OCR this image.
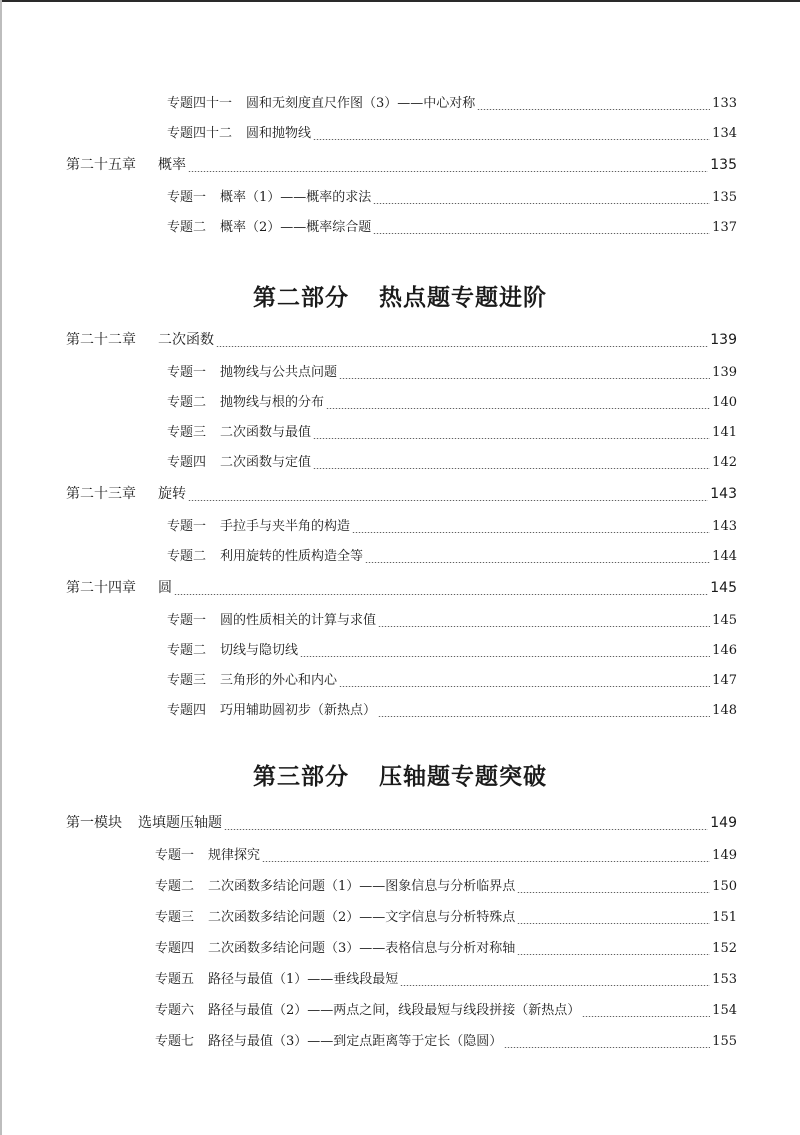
专题四十一 圆和无刻度直尺作图（3）——中心对称	133
专题四十二 圆和抛物线	134
第二十五章 概率	135
专题一 概率（1）——概率的求法	135
专题二 概率（2）——概率综合题	137
第二部分 热点题专题进阶
第二十二章 二次函数	139
专题一 抛物线与公共点问题	139
专题二 抛物线与根的分布	140
专题三 二次函数与最值	141
专题四 二次函数与定值	142
第二十三章 旋转	143
专题一 手拉手与夹半角的构造	143
专题二 利用旋转的性质构造全等	144
第二十四章 圆	145
专题一 圆的性质相关的计算与求值	145
专题二 切线与隐切线	146
专题三 三角形的外心和内心	147
专题四 巧用辅助圆初步（新热点）	148
第三部分 压轴题专题突破
第一模块 选填题压轴题	149
专题一 规律探究	149
专题二 二次函数多结论问题（1）——图象信息与分析临界点	150
专题三 二次函数多结论问题（2）——文字信息与分析特殊点	151
专题四 二次函数多结论问题（3）——表格信息与分析对称轴	152
专题五 路径与最值（1）——垂线段最短	153
专题六 路径与最值（2）——两点之间，线段最短与线段拼接（新热点）	154
专题七 路径与最值（3）——到定点距离等于定长（隐圆）	155
